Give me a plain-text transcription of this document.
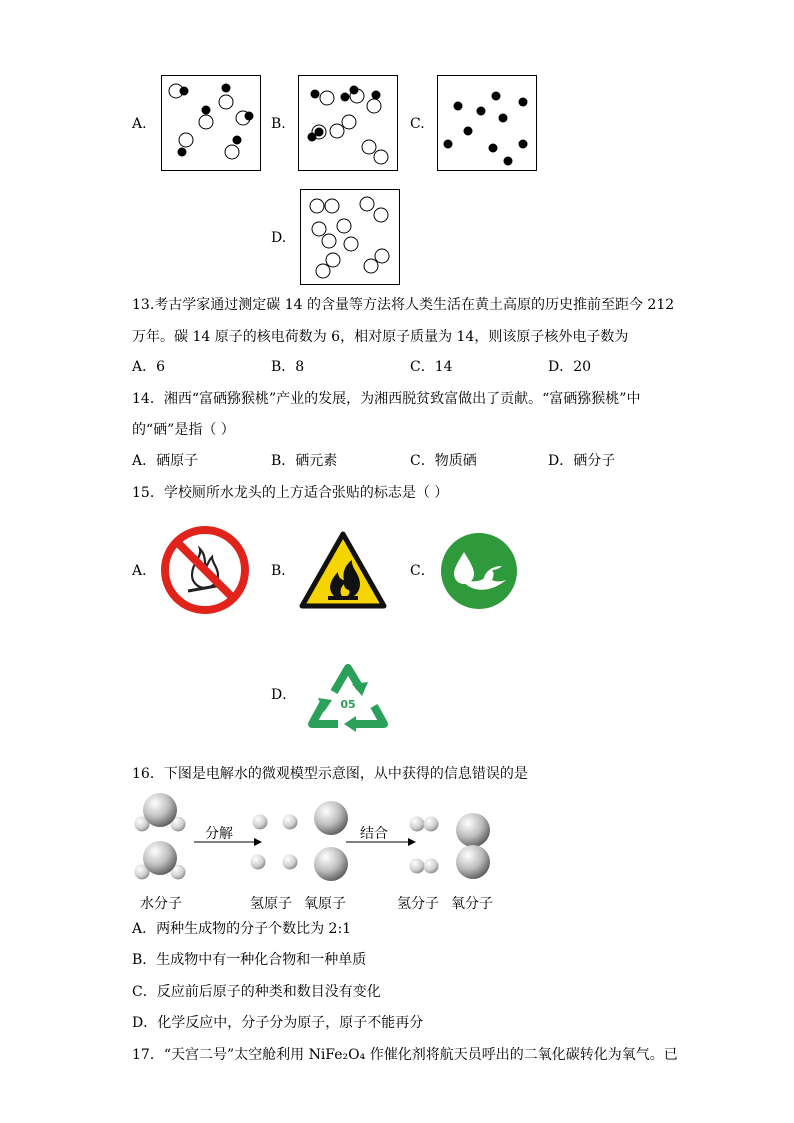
A.	B.	C.
D.
13.考古学家通过测定碳 14 的含量等方法将人类生活在黄土高原的历史推前至距今 212
万年。碳 14 原子的核电荷数为 6，相对原子质量为 14，则该原子核外电子数为
A．6	B．8	C．14	D．20
14．湘西“富硒猕猴桃”产业的发展，为湘西脱贫致富做出了贡献。“富硒猕猴桃”中
的“硒”是指（ ）
A．硒原子	B．硒元素	C．物质硒	D．硒分子
15．学校厕所水龙头的上方适合张贴的标志是（ ）
A．	B．	C．
D．
05
16．下图是电解水的微观模型示意图，从中获得的信息错误的是
分解	结合
水分子	氢原子 氧原子	氢分子 氧分子
A．两种生成物的分子个数比为 2:1
B．生成物中有一种化合物和一种单质
C．反应前后原子的种类和数目没有变化
D．化学反应中，分子分为原子，原子不能再分
17．“天宫二号”太空舱利用 NiFe₂O₄ 作催化剂将航天员呼出的二氧化碳转化为氧气。已
